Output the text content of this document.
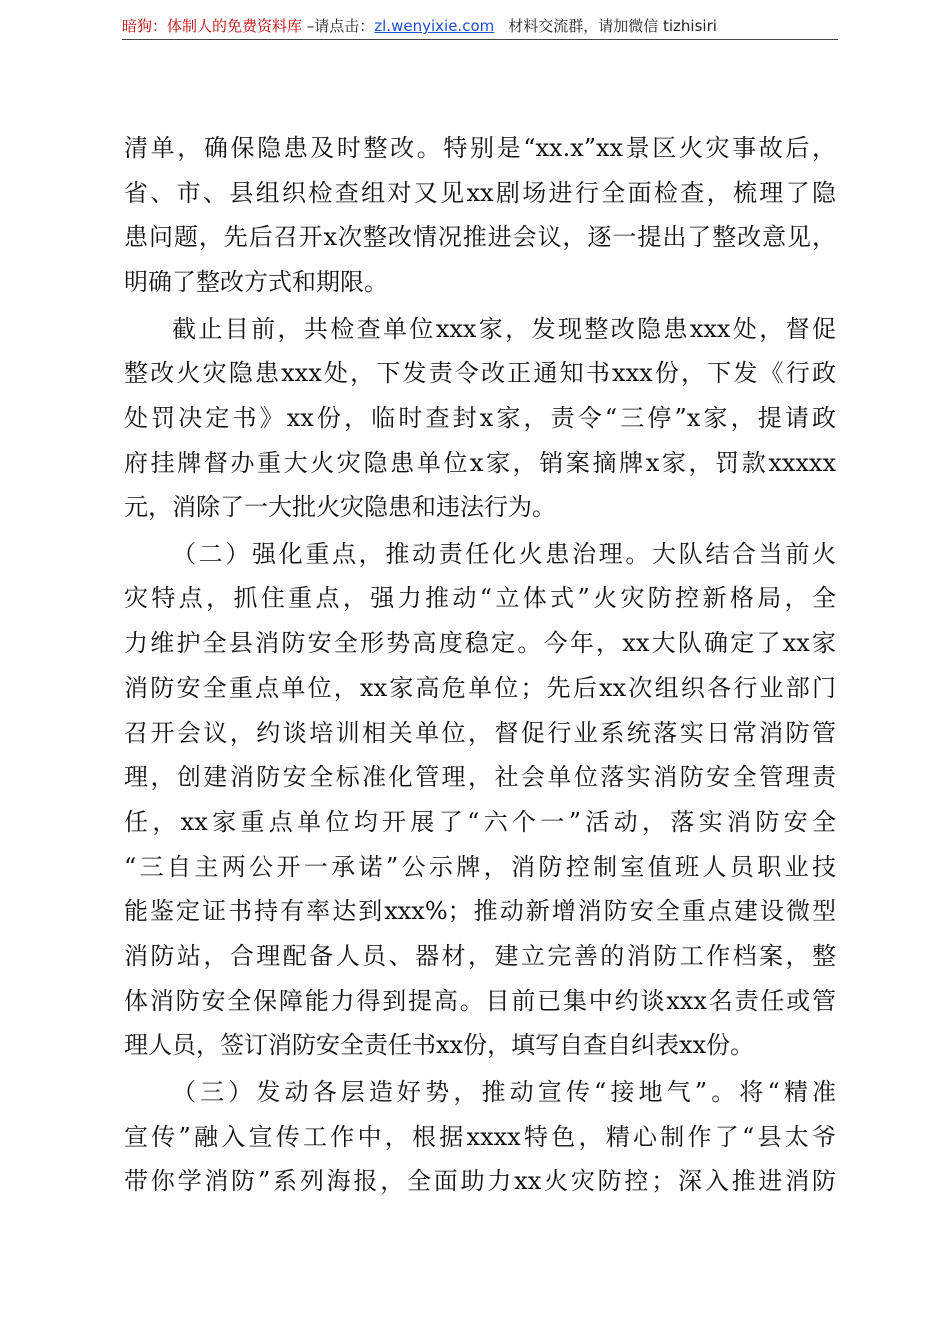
暗狗：体制人的免费资料库 –请点击：zl.wenyixie.com 材料交流群，请加微信 tizhisiri
清单，确保隐患及时整改。特别是“xx.x”xx景区火灾事故后，
省、市、县组织检查组对又见xx剧场进行全面检查，梳理了隐
患问题，先后召开x次整改情况推进会议，逐一提出了整改意见，
明确了整改方式和期限。
截止目前，共检查单位xxx家，发现整改隐患xxx处，督促
整改火灾隐患xxx处，下发责令改正通知书xxx份，下发《行政
处罚决定书》xx份，临时查封x家，责令“三停”x家，提请政
府挂牌督办重大火灾隐患单位x家，销案摘牌x家，罚款xxxxx
元，消除了一大批火灾隐患和违法行为。
（二）强化重点，推动责任化火患治理。大队结合当前火
灾特点，抓住重点，强力推动“立体式”火灾防控新格局，全
力维护全县消防安全形势高度稳定。今年，xx大队确定了xx家
消防安全重点单位，xx家高危单位；先后xx次组织各行业部门
召开会议，约谈培训相关单位，督促行业系统落实日常消防管
理，创建消防安全标准化管理，社会单位落实消防安全管理责
任，xx家重点单位均开展了“六个一”活动，落实消防安全
“三自主两公开一承诺”公示牌，消防控制室值班人员职业技
能鉴定证书持有率达到xxx%；推动新增消防安全重点建设微型
消防站，合理配备人员、器材，建立完善的消防工作档案，整
体消防安全保障能力得到提高。目前已集中约谈xxx名责任或管
理人员，签订消防安全责任书xx份，填写自查自纠表xx份。
（三）发动各层造好势，推动宣传“接地气”。将“精准
宣传”融入宣传工作中，根据xxxx特色，精心制作了“县太爷
带你学消防”系列海报，全面助力xx火灾防控；深入推进消防
